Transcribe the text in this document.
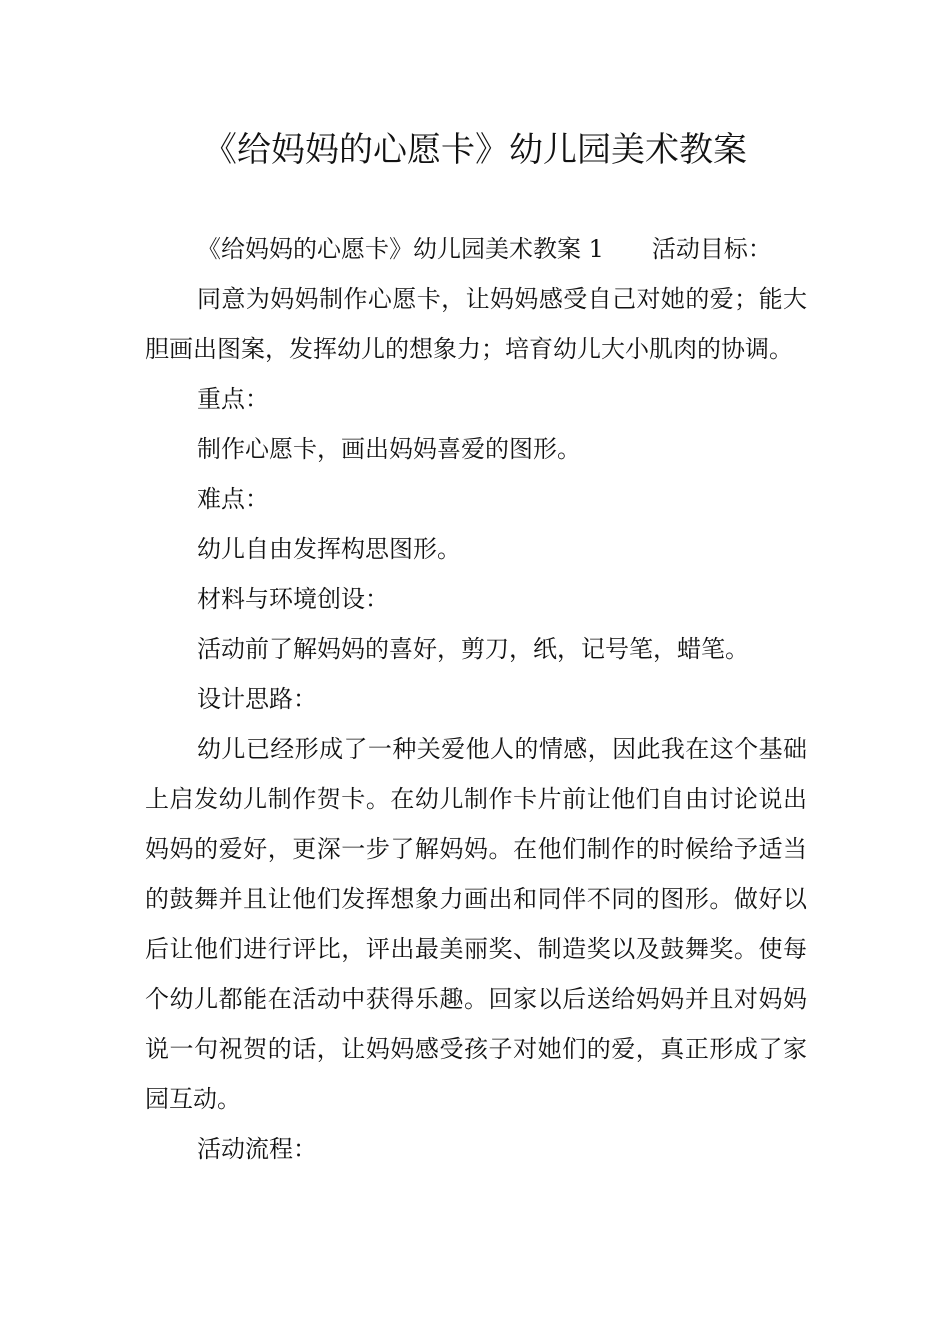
《给妈妈的心愿卡》幼儿园美术教案

《给妈妈的心愿卡》幼儿园美术教案 1 活动目标：

同意为妈妈制作心愿卡，让妈妈感受自己对她的爱；能大胆画出图案，发挥幼儿的想象力；培育幼儿大小肌肉的协调。

重点：

制作心愿卡，画出妈妈喜爱的图形。

难点：

幼儿自由发挥构思图形。

材料与环境创设：

活动前了解妈妈的喜好，剪刀，纸，记号笔，蜡笔。

设计思路：

幼儿已经形成了一种关爱他人的情感，因此我在这个基础上启发幼儿制作贺卡。在幼儿制作卡片前让他们自由讨论说出妈妈的爱好，更深一步了解妈妈。在他们制作的时候给予适当的鼓舞并且让他们发挥想象力画出和同伴不同的图形。做好以后让他们进行评比，评出最美丽奖、制造奖以及鼓舞奖。使每个幼儿都能在活动中获得乐趣。回家以后送给妈妈并且对妈妈说一句祝贺的话，让妈妈感受孩子对她们的爱，真正形成了家园互动。

活动流程：
